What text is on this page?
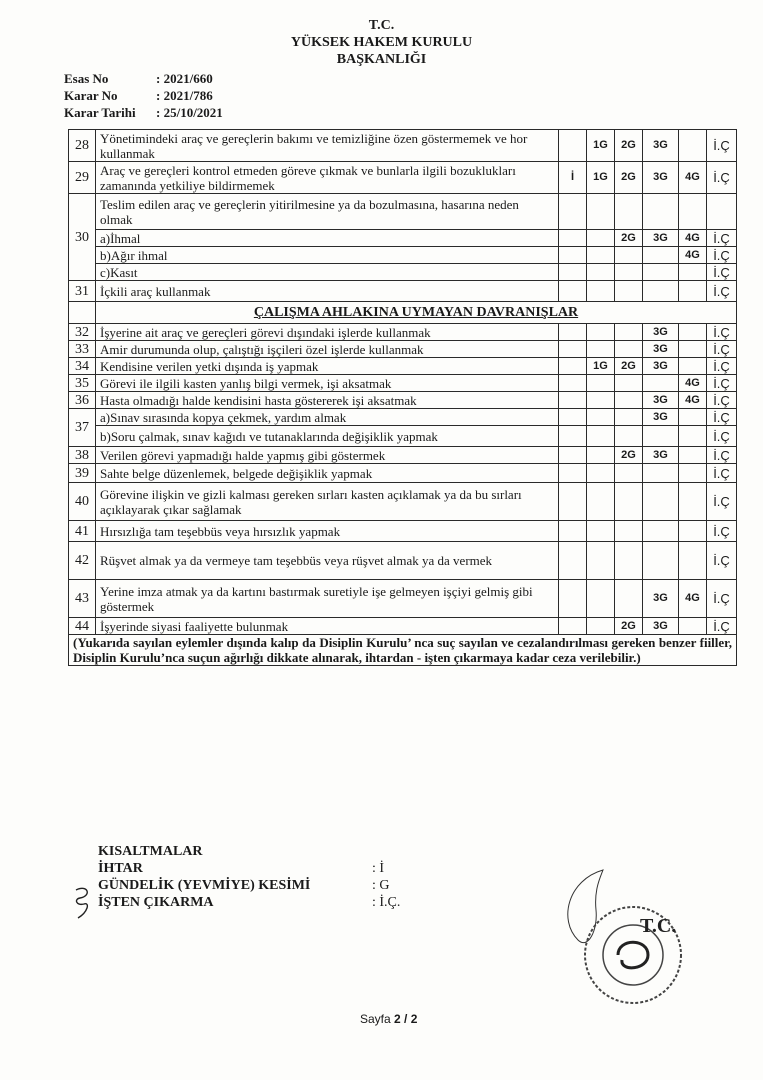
T.C.
YÜKSEK HAKEM KURULU
BAŞKANLIĞI
Esas No	: 2021/660
Karar No	: 2021/786
Karar Tarihi	: 25/10/2021
28	Yönetimindeki araç ve gereçlerin bakımı ve temizliğine özen göstermemek ve hor kullanmak		1G	2G	3G		İ.Ç
29	Araç ve gereçleri kontrol etmeden göreve çıkmak ve bunlarla ilgili bozuklukları zamanında yetkiliye bildirmemek	İ	1G	2G	3G	4G	İ.Ç
30	Teslim edilen araç ve gereçlerin yitirilmesine ya da bozulmasına, hasarına neden olmak						
	a)İhmal			2G	3G	4G	İ.Ç
	b)Ağır ihmal					4G	İ.Ç
	c)Kasıt						İ.Ç
31	İçkili araç kullanmak						İ.Ç
	ÇALIŞMA AHLAKINA UYMAYAN DAVRANIŞLAR						
32	İşyerine ait araç ve gereçleri görevi dışındaki işlerde kullanmak				3G		İ.Ç
33	Amir durumunda olup, çalıştığı işçileri özel işlerde kullanmak				3G		İ.Ç
34	Kendisine verilen yetki dışında iş yapmak		1G	2G	3G		İ.Ç
35	Görevi ile ilgili kasten yanlış bilgi vermek, işi aksatmak					4G	İ.Ç
36	Hasta olmadığı halde kendisini hasta göstererek işi aksatmak				3G	4G	İ.Ç
37	a)Sınav sırasında kopya çekmek, yardım almak				3G		İ.Ç
	b)Soru çalmak, sınav kağıdı ve tutanaklarında değişiklik yapmak						İ.Ç
38	Verilen görevi yapmadığı halde yapmış gibi göstermek			2G	3G		İ.Ç
39	Sahte belge düzenlemek, belgede değişiklik yapmak						İ.Ç
40	Görevine ilişkin ve gizli kalması gereken sırları kasten açıklamak ya da bu sırları açıklayarak çıkar sağlamak						İ.Ç
41	Hırsızlığa tam teşebbüs veya hırsızlık yapmak						İ.Ç
42	Rüşvet almak ya da vermeye tam teşebbüs veya rüşvet almak ya da vermek						İ.Ç
43	Yerine imza atmak ya da kartını bastırmak suretiyle işe gelmeyen işçiyi gelmiş gibi göstermek				3G	4G	İ.Ç
44	İşyerinde siyasi faaliyette bulunmak			2G	3G		İ.Ç
(Yukarıda sayılan eylemler dışında kalıp da Disiplin Kurulu’ nca suç sayılan ve cezalandırılması gereken benzer fiiller, Disiplin Kurulu’nca suçun ağırlığı dikkate alınarak, ihtardan - işten çıkarmaya kadar ceza verilebilir.)							
KISALTMALAR
İHTAR	: İ
GÜNDELİK (YEVMİYE) KESİMİ	: G
İŞTEN ÇIKARMA	: İ.Ç.
T.C.
Sayfa 2 / 2
